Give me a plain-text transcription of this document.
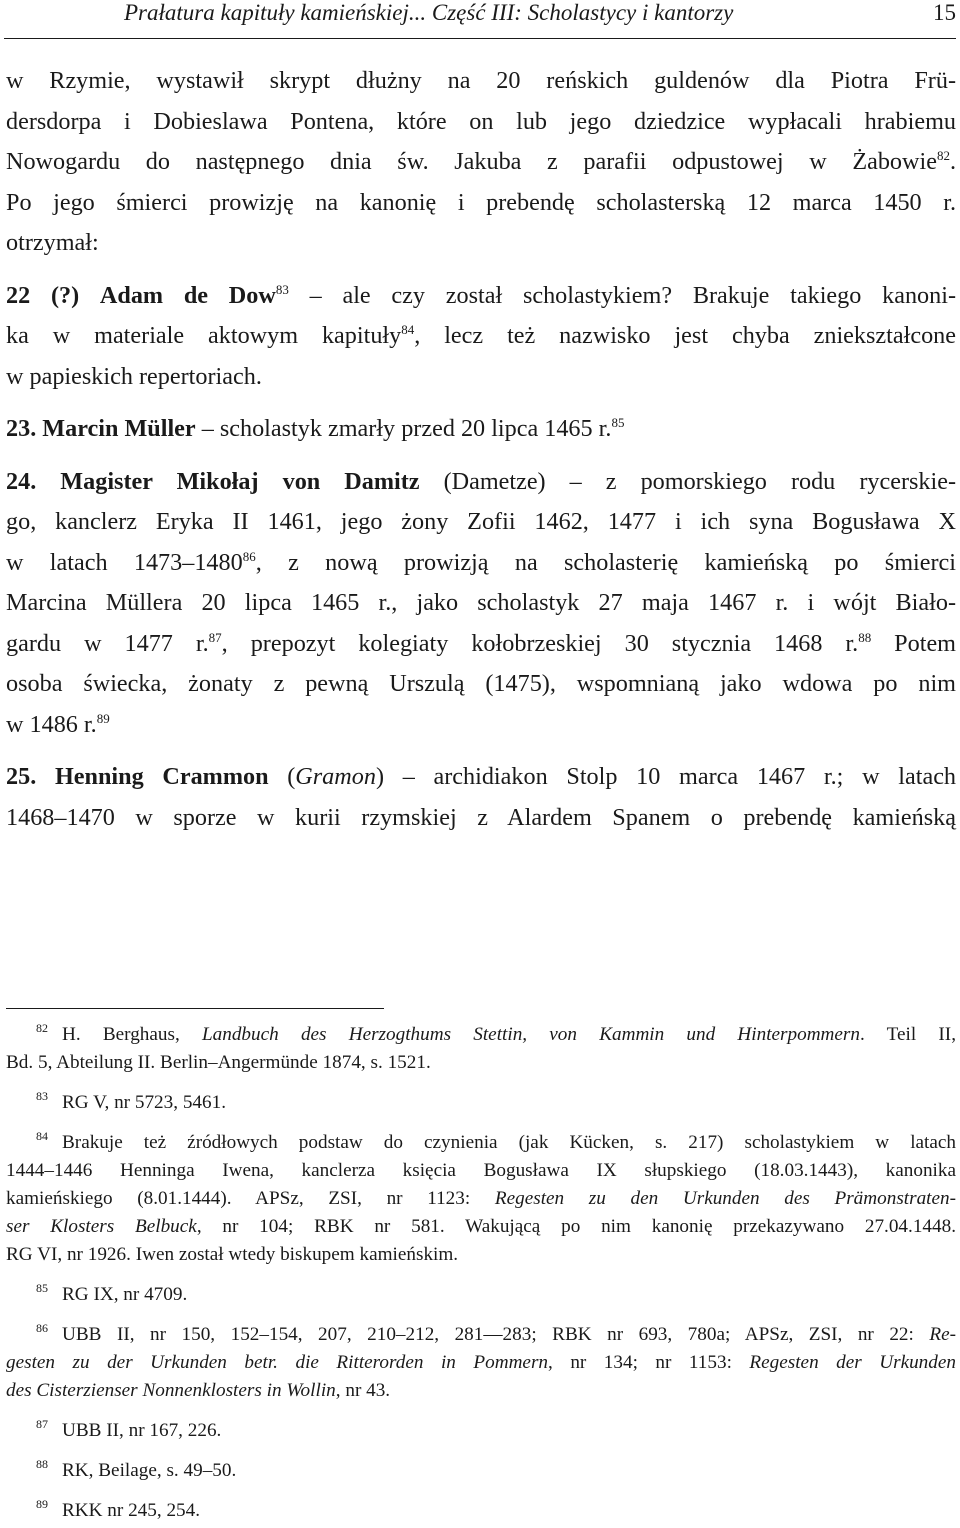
Prałatura kapituły kamieńskiej... Część III: Scholastycy i kantorzy	15
w Rzymie, wystawił skrypt dłużny na 20 reńskich guldenów dla Piotra Frü-
dersdorpa i Dobieslawa Pontena, które on lub jego dziedzice wypłacali hrabiemu
Nowogardu do następnego dnia św. Jakuba z parafii odpustowej w Żabowie$^{82}$.
Po jego śmierci prowizję na kanonię i prebendę scholasterską 12 marca 1450 r.
otrzymał:
22 (?) Adam de Dow$^{83}$ – ale czy został scholastykiem? Brakuje takiego kanoni-
ka w materiale aktowym kapituły$^{84}$, lecz też nazwisko jest chyba zniekształcone
w papieskich repertoriach.
23. Marcin Müller – scholastyk zmarły przed 20 lipca 1465 r.$^{85}$
24. Magister Mikołaj von Damitz (Dametze) – z pomorskiego rodu rycerskie-
go, kanclerz Eryka II 1461, jego żony Zofii 1462, 1477 i ich syna Bogusława X
w latach 1473–1480$^{86}$, z nową prowizją na scholasterię kamieńską po śmierci
Marcina Müllera 20 lipca 1465 r., jako scholastyk 27 maja 1467 r. i wójt Biało-
gardu w 1477 r.$^{87}$, prepozyt kolegiaty kołobrzeskiej 30 stycznia 1468 r.$^{88}$ Potem
osoba świecka, żonaty z pewną Urszulą (1475), wspomnianą jako wdowa po nim
w 1486 r.$^{89}$
25. Henning Crammon (Gramon) – archidiakon Stolp 10 marca 1467 r.; w latach
1468–1470 w sporze w kurii rzymskiej z Alardem Spanem o prebendę kamieńską
82 H. Berghaus, Landbuch des Herzogthums Stettin, von Kammin und Hinterpommern. Teil II,
Bd. 5, Abteilung II. Berlin–Angermünde 1874, s. 1521.
83 RG V, nr 5723, 5461.
84 Brakuje też źródłowych podstaw do czynienia (jak Kücken, s. 217) scholastykiem w latach
1444–1446 Henninga Iwena, kanclerza księcia Bogusława IX słupskiego (18.03.1443), kanonika
kamieńskiego (8.01.1444). APSz, ZSI, nr 1123: Regesten zu den Urkunden des Prämonstraten-
ser Klosters Belbuck, nr 104; RBK nr 581. Wakującą po nim kanonię przekazywano 27.04.1448.
RG VI, nr 1926. Iwen został wtedy biskupem kamieńskim.
85 RG IX, nr 4709.
86 UBB II, nr 150, 152–154, 207, 210–212, 281—283; RBK nr 693, 780a; APSz, ZSI, nr 22: Re-
gesten zu der Urkunden betr. die Ritterorden in Pommern, nr 134; nr 1153: Regesten der Urkunden
des Cisterzienser Nonnenklosters in Wollin, nr 43.
87 UBB II, nr 167, 226.
88 RK, Beilage, s. 49–50.
89 RKK nr 245, 254.
